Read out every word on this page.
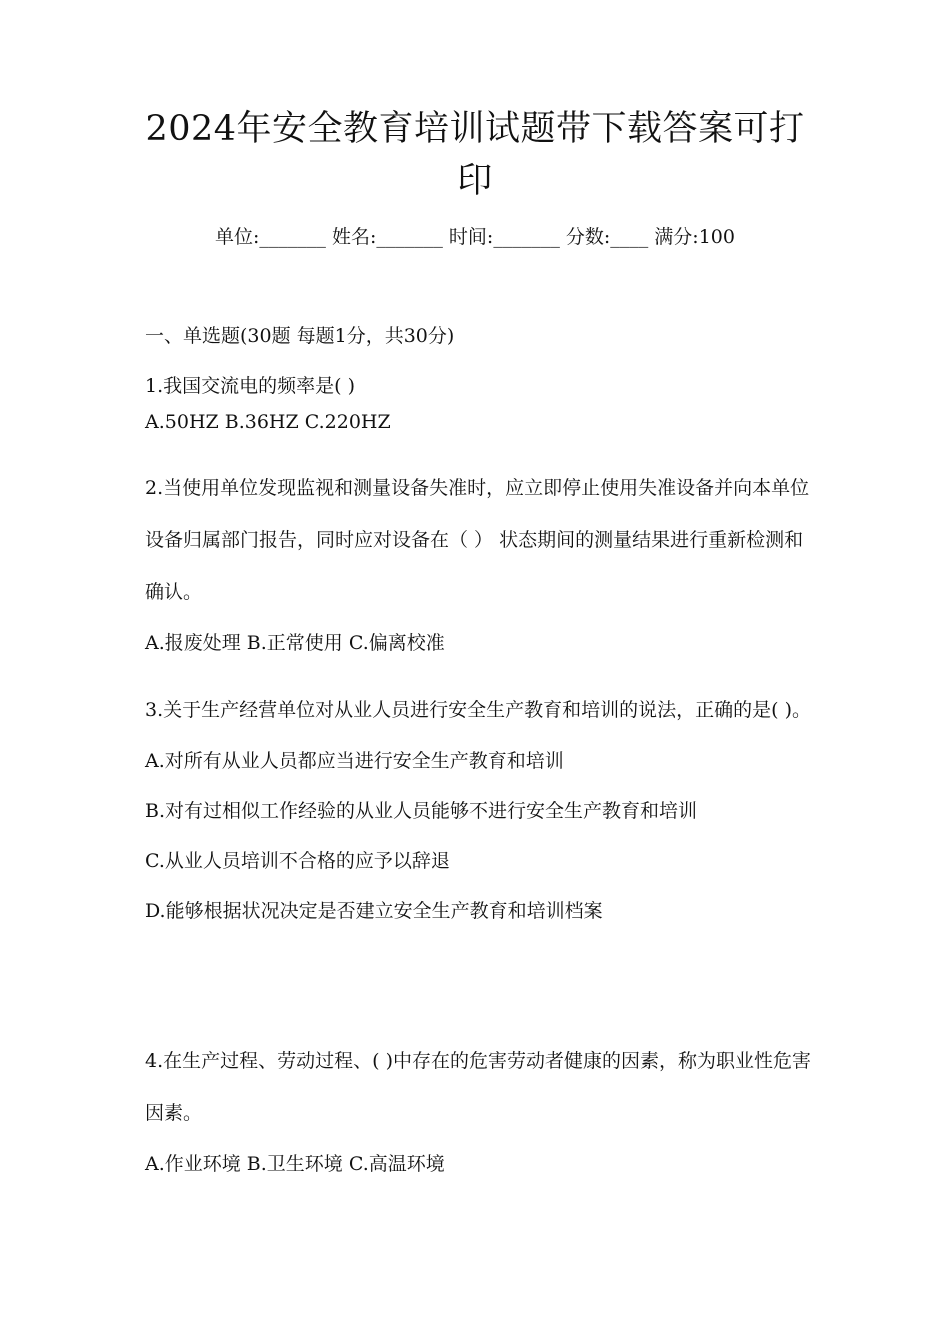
2024年安全教育培训试题带下载答案可打印
单位:_______ 姓名:_______ 时间:_______ 分数:____ 满分:100
一、单选题(30题 每题1分，共30分)

1.我国交流电的频率是( )

A.50HZ B.36HZ C.220HZ

2.当使用单位发现监视和测量设备失准时，应立即停止使用失准设备并向本单位设备归属部门报告，同时应对设备在（ ） 状态期间的测量结果进行重新检测和确认。

A.报废处理 B.正常使用 C.偏离校准

3.关于生产经营单位对从业人员进行安全生产教育和培训的说法，正确的是( )。

A.对所有从业人员都应当进行安全生产教育和培训

B.对有过相似工作经验的从业人员能够不进行安全生产教育和培训

C.从业人员培训不合格的应予以辞退

D.能够根据状况决定是否建立安全生产教育和培训档案

4.在生产过程、劳动过程、( )中存在的危害劳动者健康的因素，称为职业性危害因素。

A.作业环境 B.卫生环境 C.高温环境
